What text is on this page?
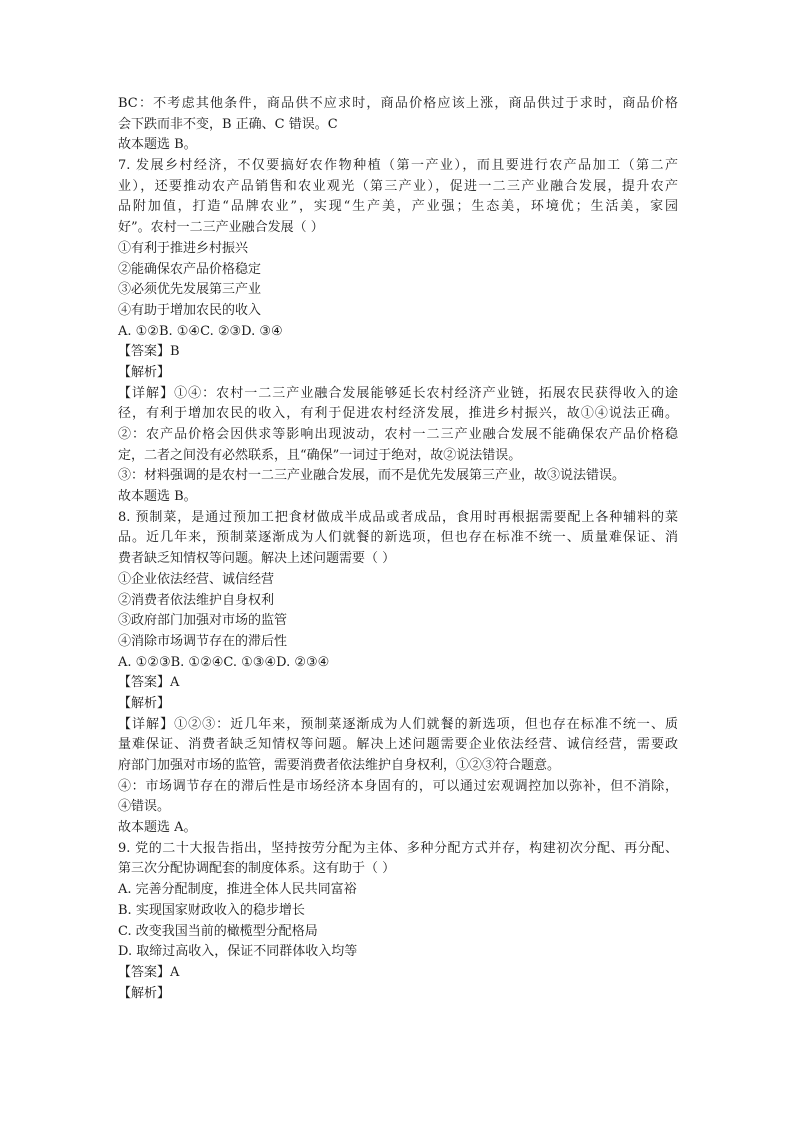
BC：不考虑其他条件，商品供不应求时，商品价格应该上涨，商品供过于求时，商品价格
会下跌而非不变，B 正确、C 错误。C
故本题选 B。
7. 发展乡村经济，不仅要搞好农作物种植（第一产业），而且要进行农产品加工（第二产
业），还要推动农产品销售和农业观光（第三产业），促进一二三产业融合发展，提升农产
品附加值，打造“品牌农业”，实现“生产美，产业强；生态美，环境优；生活美，家园
好”。农村一二三产业融合发展（ ）
①有利于推进乡村振兴
②能确保农产品价格稳定
③必须优先发展第三产业
④有助于增加农民的收入
A. ①②B. ①④C. ②③D. ③④
【答案】B
【解析】
【详解】①④：农村一二三产业融合发展能够延长农村经济产业链，拓展农民获得收入的途
径，有利于增加农民的收入，有利于促进农村经济发展，推进乡村振兴，故①④说法正确。
②：农产品价格会因供求等影响出现波动，农村一二三产业融合发展不能确保农产品价格稳
定，二者之间没有必然联系，且“确保”一词过于绝对，故②说法错误。
③：材料强调的是农村一二三产业融合发展，而不是优先发展第三产业，故③说法错误。
故本题选 B。
8. 预制菜，是通过预加工把食材做成半成品或者成品，食用时再根据需要配上各种辅料的菜
品。近几年来，预制菜逐渐成为人们就餐的新选项，但也存在标准不统一、质量难保证、消
费者缺乏知情权等问题。解决上述问题需要（ ）
①企业依法经营、诚信经营
②消费者依法维护自身权利
③政府部门加强对市场的监管
④消除市场调节存在的滞后性
A. ①②③B. ①②④C. ①③④D. ②③④
【答案】A
【解析】
【详解】①②③：近几年来，预制菜逐渐成为人们就餐的新选项，但也存在标准不统一、质
量难保证、消费者缺乏知情权等问题。解决上述问题需要企业依法经营、诚信经营，需要政
府部门加强对市场的监管，需要消费者依法维护自身权利，①②③符合题意。
④：市场调节存在的滞后性是市场经济本身固有的，可以通过宏观调控加以弥补，但不消除，
④错误。
故本题选 A。
9. 党的二十大报告指出，坚持按劳分配为主体、多种分配方式并存，构建初次分配、再分配、
第三次分配协调配套的制度体系。这有助于（ ）
A. 完善分配制度，推进全体人民共同富裕
B. 实现国家财政收入的稳步增长
C. 改变我国当前的橄榄型分配格局
D. 取缔过高收入，保证不同群体收入均等
【答案】A
【解析】
